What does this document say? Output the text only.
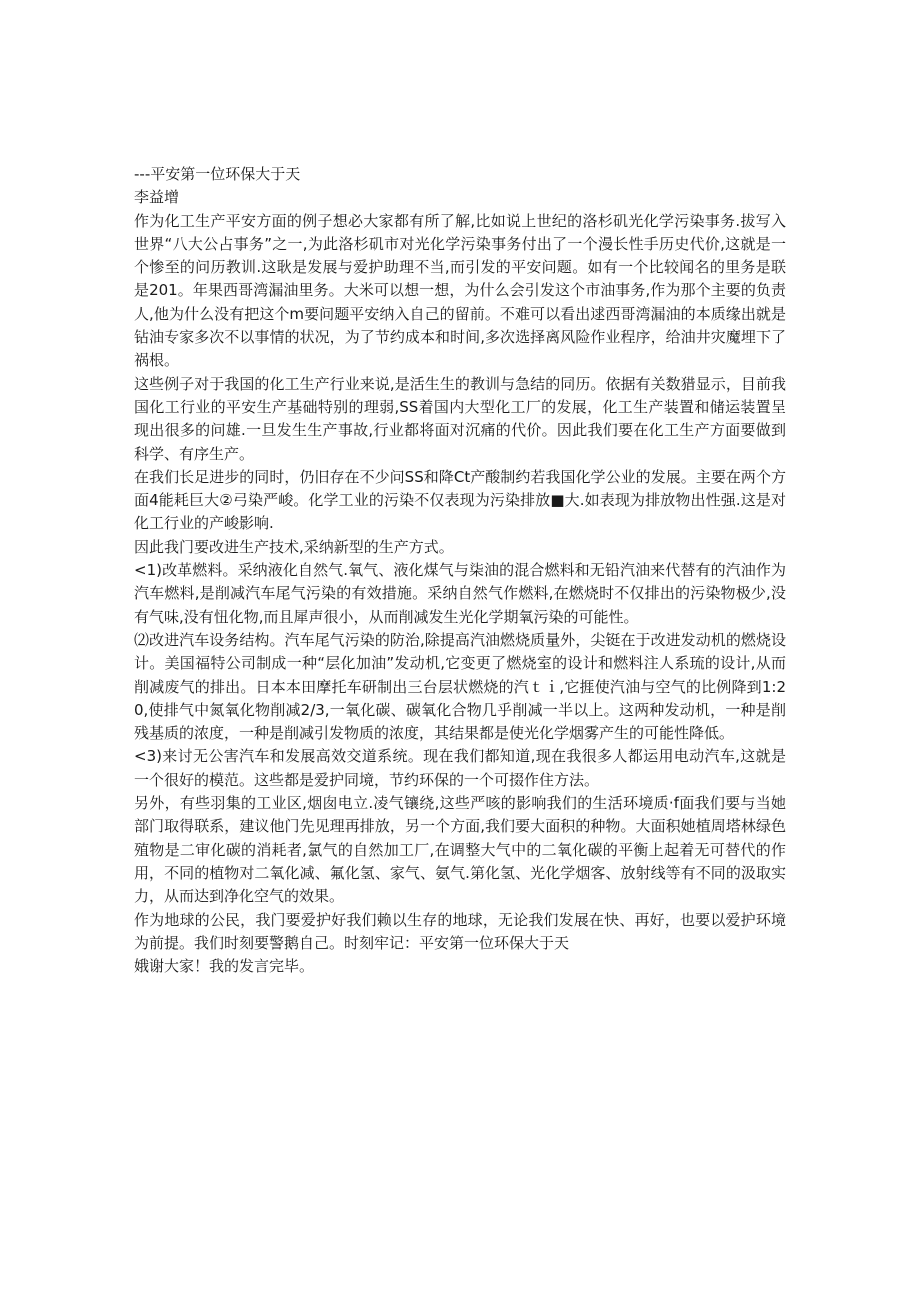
---平安第一位环保大于天

李益增

作为化工生产平安方面的例子想必大家都有所了解,比如说上世纪的洛杉矶光化学污染事务.拔写入世界“八大公占事务”之一,为此洛杉矶市对光化学污染事务付出了一个漫长性手历史代价,这就是一个惨至的问历教训.这耿是发展与爱护助理不当,而引发的平安问题。如有一个比较闻名的里务是联是201。年果西哥湾漏油里务。大米可以想一想，为什么会引发这个市油事务,作为那个主要的负责人,他为什么没有把这个m要问题平安纳入自己的留前。不难可以看出逑西哥湾漏油的本质缘出就是钻油专家多次不以事情的状况，为了节约成本和时间,多次选择离风险作业程序，给油井灾魔埋下了祸根。

这些例子对于我国的化工生产行业来说,是活生生的教训与急结的同历。依据有关数猎显示，目前我国化工行业的平安生产基础特别的理弱,SS着国内大型化工厂的发展，化工生产装置和储运装置呈现出很多的问雄.一旦发生生产事故,行业都将面对沉痛的代价。因此我们要在化工生产方面要做到科学、有序生产。

在我们长足进步的同时，仍旧存在不少问SS和降Ct产酸制约若我国化学公业的发展。主要在两个方面4能耗巨大②弓染严峻。化学工业的污染不仅表现为污染排放■大.如表现为排放物出性强.这是对化工行业的产峻影响.

因此我门要改进生产技术,采纳新型的生产方式。

<1)改革燃料。采纳液化自然气.氧气、液化煤气与柒油的混合燃料和无铅汽油来代替有的汽油作为汽车燃料,是削减汽车尾气污染的有效措施。采纳自然气作燃料,在燃烧时不仅排出的污染物极少,没有气味,没有忸化物,而且犀声很小，从而削减发生光化学期氧污染的可能性。

⑵改进汽车设务结构。汽车尾气污染的防治,除提高汽油燃烧质量外，尖铤在于改进发动机的燃烧设计。美国福特公司制成一种“层化加油”发动机,它变更了燃烧室的设计和燃料注人系琉的设计,从而削减废气的排出。日本本田摩托车研制出三台层状燃烧的汽ｔｉ,它捱使汽油与空气的比例降到1:20,使排气中氮氧化物削减2/3,一氧化碳、碳氧化合物几乎削减一半以上。这两种发动机，一种是削残基质的浓度，一种是削减引发物质的浓度，其结果都是使光化学烟雾产生的可能性降低。

<3)来讨无公害汽车和发展高效交道系统。现在我们都知道,现在我很多人都运用电动汽车,这就是一个很好的模范。这些都是爱护同境，节约环保的一个可掇作住方法。

另外，有些羽集的工业区,烟囱电立.凌气镶绕,这些严咳的影响我们的生活环境质·f面我们要与当她部门取得联系，建议他门先见理再排放，另一个方面,我们要大面积的种物。大面积她植周塔林绿色殖物是二审化碳的消耗者,氯气的自然加工厂,在调整大气中的二氧化碳的平衡上起着无可替代的作用，不同的植物对二氧化减、氟化氢、家气、氨气.第化氢、光化学烟客、放射线等有不同的汲取实力，从而达到净化空气的效果。

作为地球的公民，我门要爱护好我们赖以生存的地球，无论我们发展在快、再好，也要以爱护环境为前提。我们时刻要警鹅自己。时刻牢记：平安第一位环保大于天

娥谢大家！我的发言完毕。
